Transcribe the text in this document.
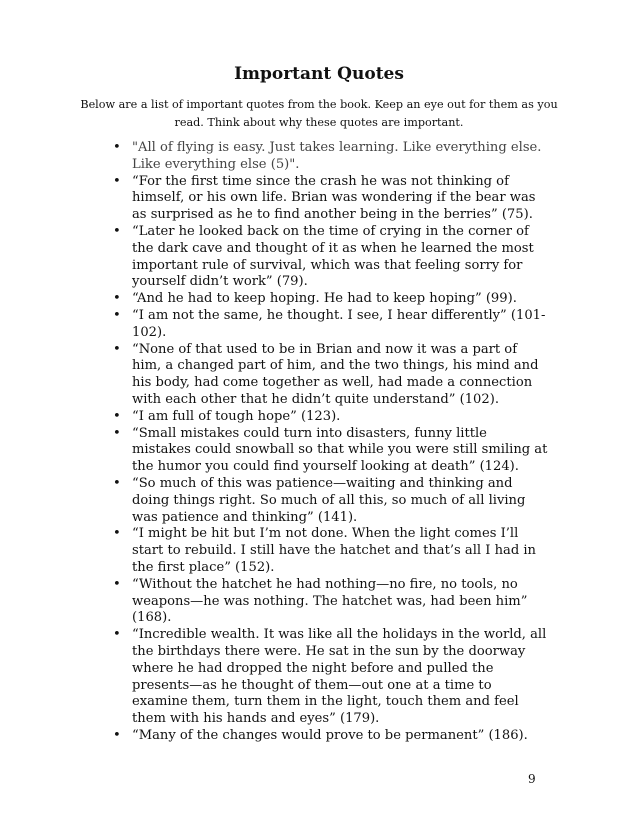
Important Quotes
Below are a list of important quotes from the book. Keep an eye out for them as you read. Think about why these quotes are important.
• "All of flying is easy. Just takes learning. Like everything else. Like everything else (5)".
• “For the first time since the crash he was not thinking of himself, or his own life. Brian was wondering if the bear was as surprised as he to find another being in the berries” (75).
• “Later he looked back on the time of crying in the corner of the dark cave and thought of it as when he learned the most important rule of survival, which was that feeling sorry for yourself didn’t work” (79).
• “And he had to keep hoping. He had to keep hoping” (99).
• “I am not the same, he thought. I see, I hear differently” (101-102).
• “None of that used to be in Brian and now it was a part of him, a changed part of him, and the two things, his mind and his body, had come together as well, had made a connection with each other that he didn’t quite understand” (102).
• “I am full of tough hope” (123).
• “Small mistakes could turn into disasters, funny little mistakes could snowball so that while you were still smiling at the humor you could find yourself looking at death” (124).
• “So much of this was patience—waiting and thinking and doing things right. So much of all this, so much of all living was patience and thinking” (141).
• “I might be hit but I’m not done. When the light comes I’ll start to rebuild. I still have the hatchet and that’s all I had in the first place” (152).
• “Without the hatchet he had nothing—no fire, no tools, no weapons—he was nothing. The hatchet was, had been him” (168).
• “Incredible wealth. It was like all the holidays in the world, all the birthdays there were. He sat in the sun by the doorway where he had dropped the night before and pulled the presents—as he thought of them—out one at a time to examine them, turn them in the light, touch them and feel them with his hands and eyes” (179).
• “Many of the changes would prove to be permanent” (186).
9
